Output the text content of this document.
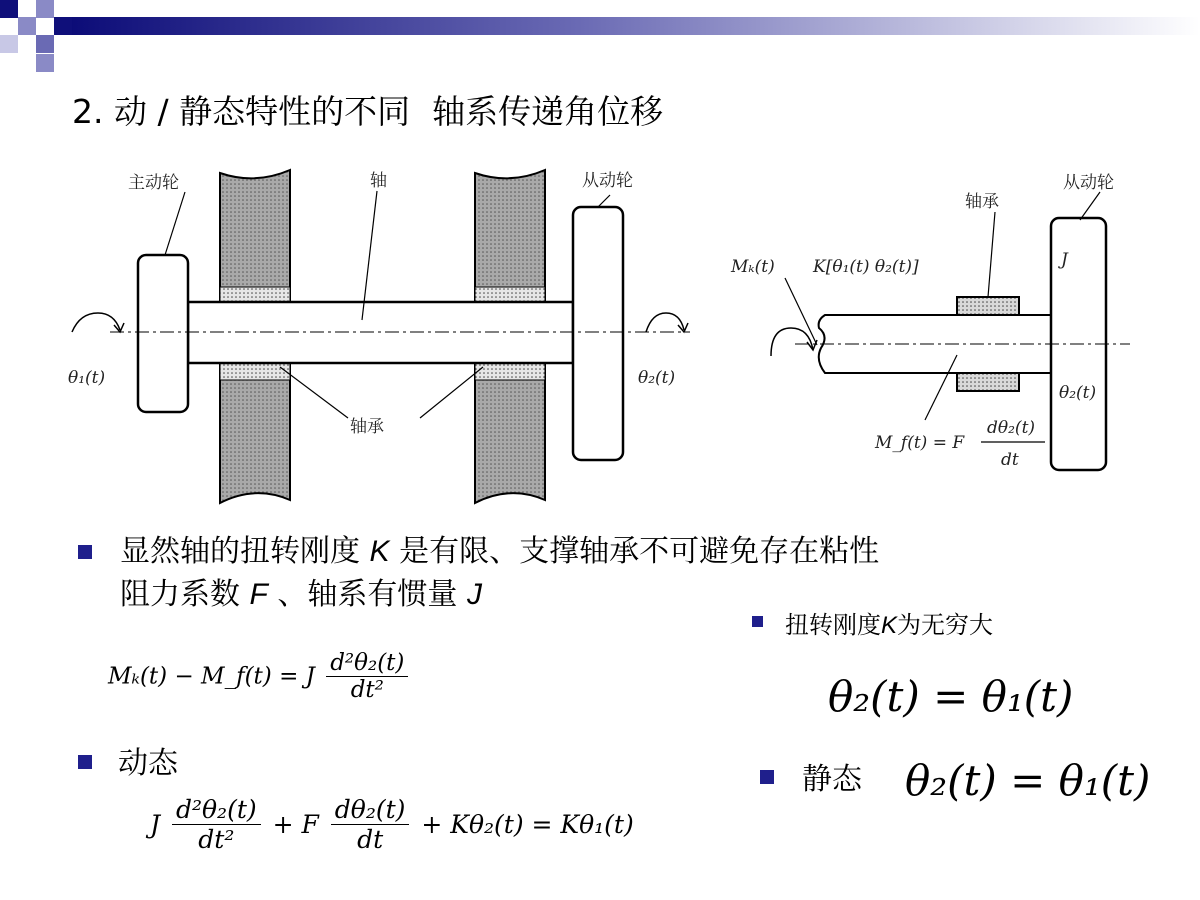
2. 动 / 静态特性的不同 轴系传递角位移
主动轮	轴	从动轮
轴承
θ₁(t)	θ₂(t)
轴承
从动轮
J
Mₖ(t) K[θ₁(t) θ₂(t)]
θ₂(t)
M_f(t) = F
dθ₂(t)
dt
显然轴的扭转刚度 K 是有限、支撑轴承不可避免存在粘性
阻力系数 F 、轴系有惯量 J
扭转刚度K为无穷大
Mₖ(t) − M_f(t) = J $\frac{\text{d²θ₂(t)}}{\text{dt²}}$	θ₂(t) = θ₁(t)
动态	静态 θ₂(t) = θ₁(t)
J $\frac{\text{d²θ₂(t)}}{\text{dt²}} + F \frac{\text{dθ₂(t)}}{dt} + K\theta_2(t) = K\theta_1(t)$
